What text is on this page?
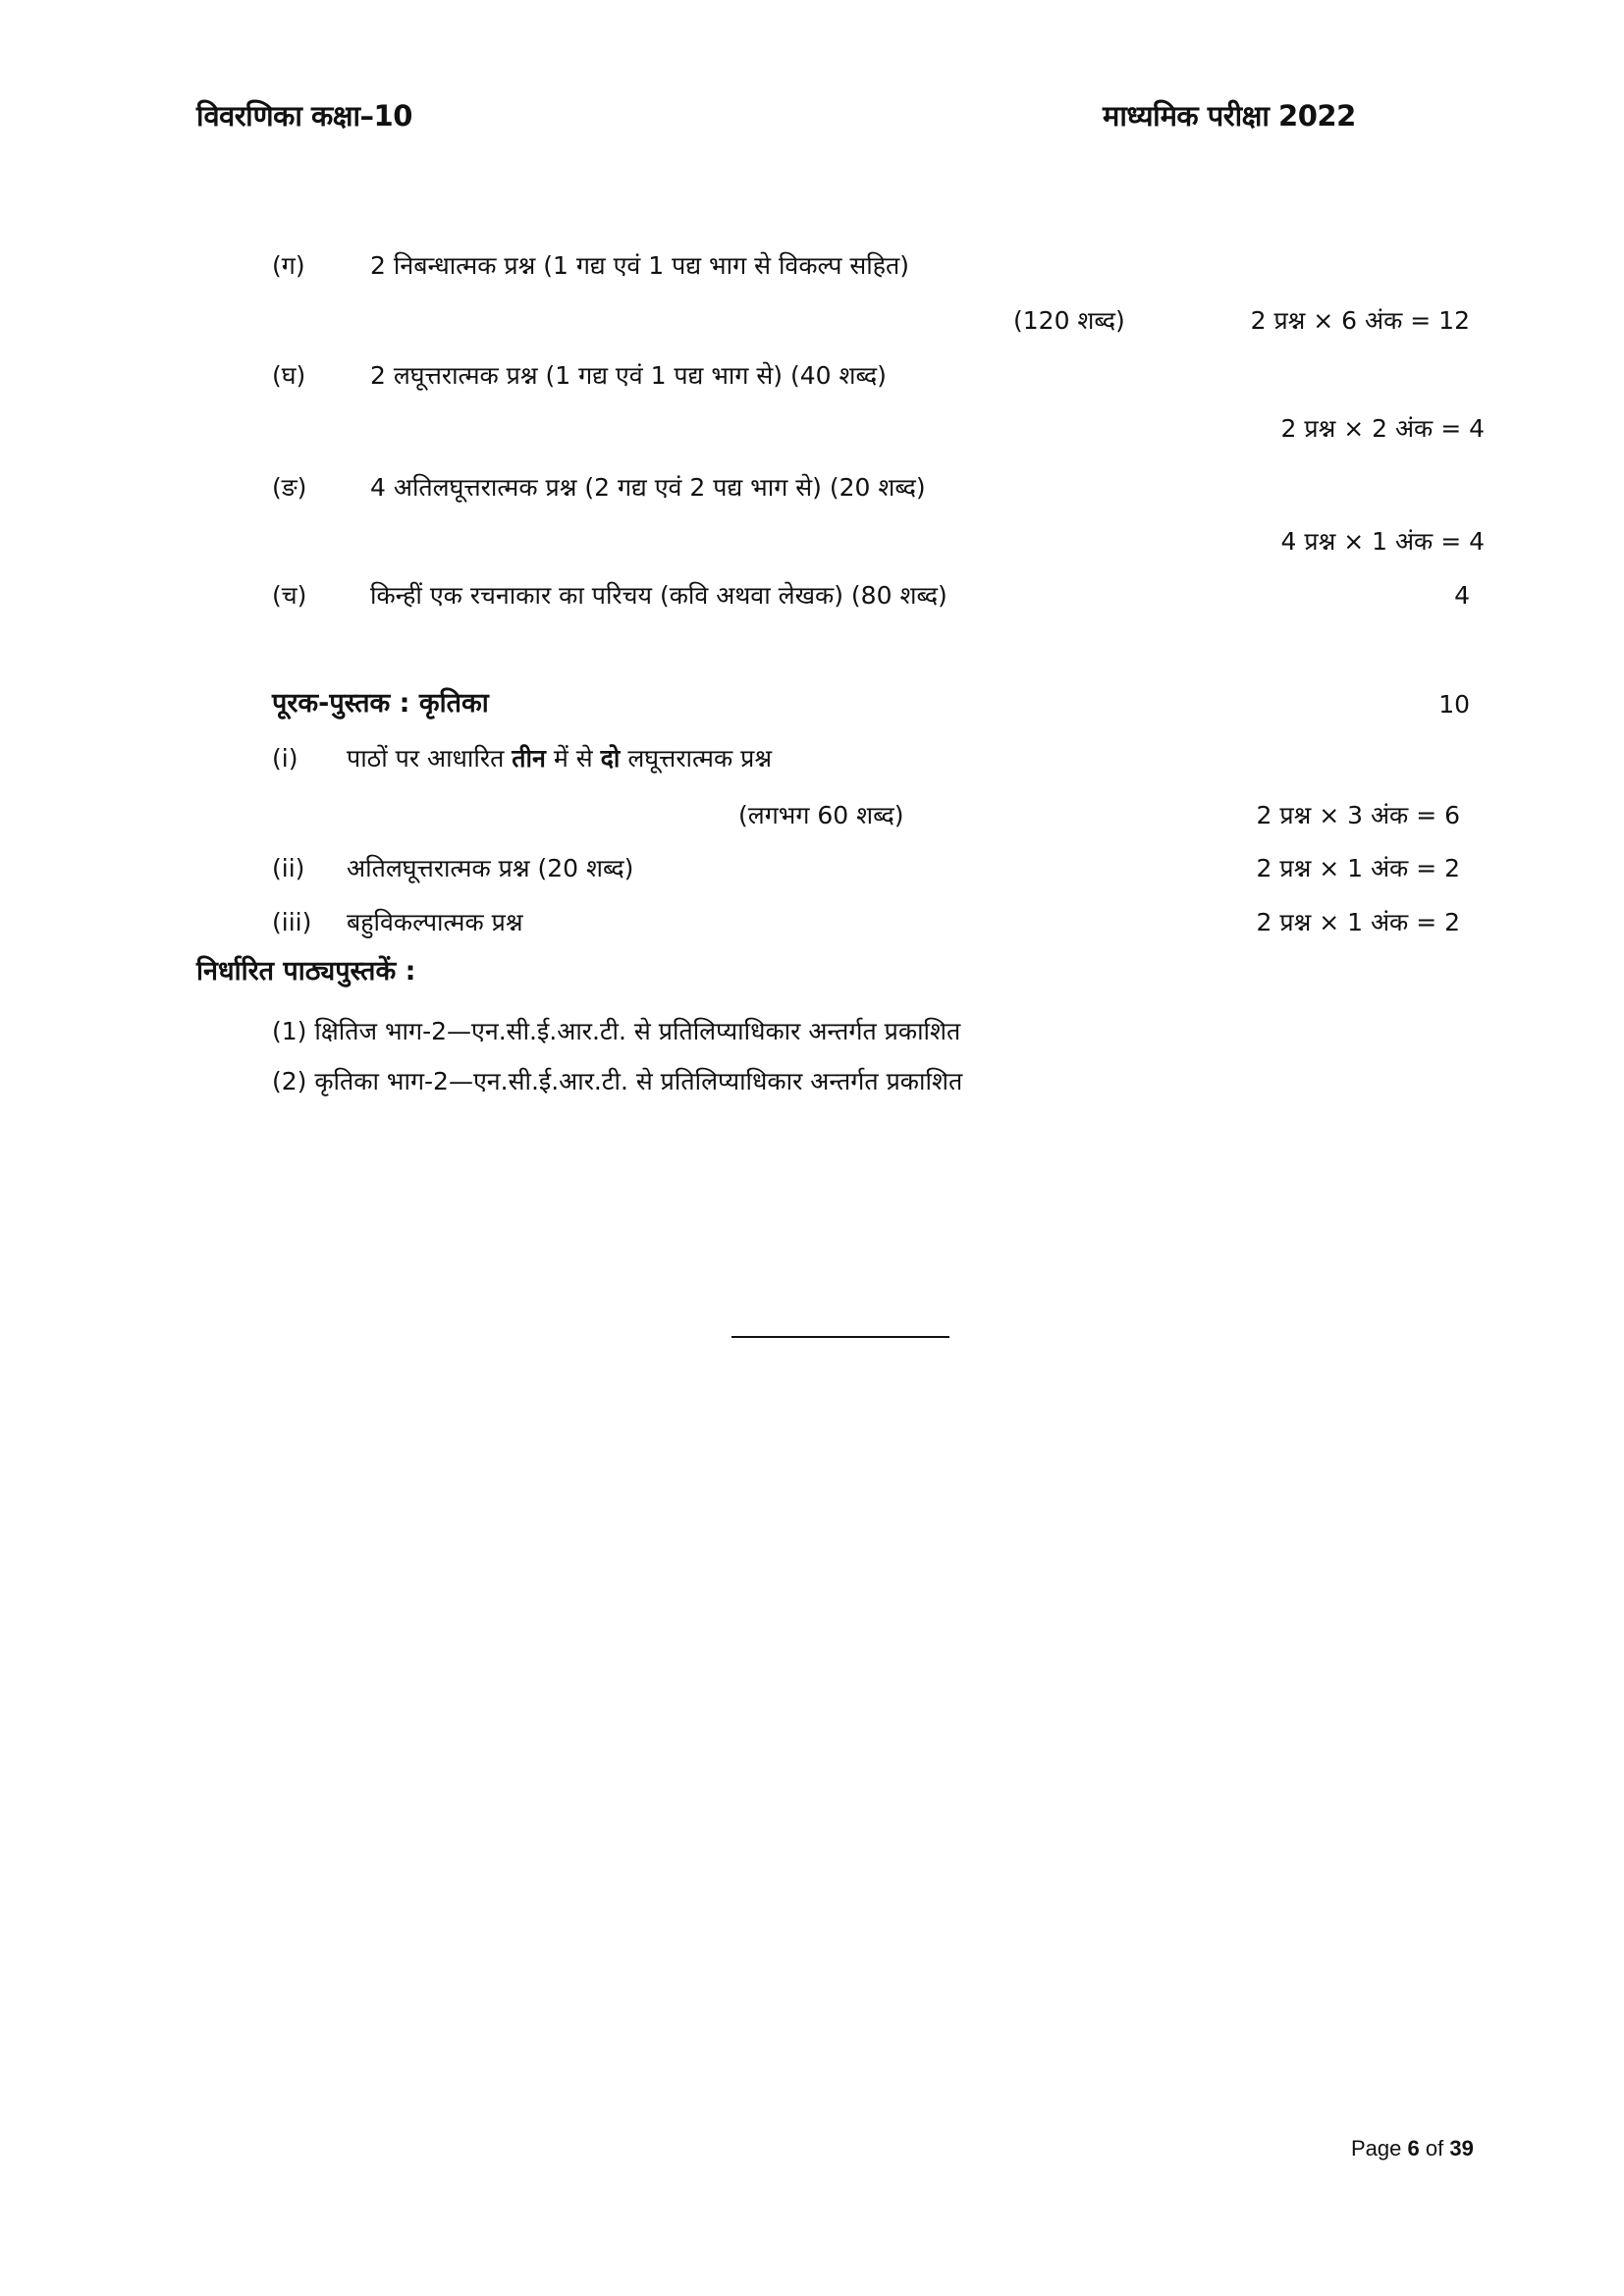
विवरणिका कक्षा–10	माध्यमिक परीक्षा 2022
(ग)	2 निबन्धात्मक प्रश्न (1 गद्य एवं 1 पद्य भाग से विकल्प सहित)
(120 शब्द)	2 प्रश्न × 6 अंक = 12
(घ)	2 लघूत्तरात्मक प्रश्न (1 गद्य एवं 1 पद्य भाग से) (40 शब्द)
2 प्रश्न × 2 अंक = 4
(ङ)	4 अतिलघूत्तरात्मक प्रश्न (2 गद्य एवं 2 पद्य भाग से) (20 शब्द)
4 प्रश्न × 1 अंक = 4
(च)	किन्हीं एक रचनाकार का परिचय (कवि अथवा लेखक) (80 शब्द)	4
पूरक-पुस्तक : कृतिका	10
(i) पाठों पर आधारित तीन में से दो लघूत्तरात्मक प्रश्न
(लगभग 60 शब्द)	2 प्रश्न × 3 अंक = 6
(ii) अतिलघूत्तरात्मक प्रश्न (20 शब्द)	2 प्रश्न × 1 अंक = 2
(iii) बहुविकल्पात्मक प्रश्न	2 प्रश्न × 1 अंक = 2
निर्धारित पाठ्यपुस्तकें :
(1) क्षितिज भाग-2—एन.सी.ई.आर.टी. से प्रतिलिप्याधिकार अन्तर्गत प्रकाशित
(2) कृतिका भाग-2—एन.सी.ई.आर.टी. से प्रतिलिप्याधिकार अन्तर्गत प्रकाशित
Page 6 of 39
